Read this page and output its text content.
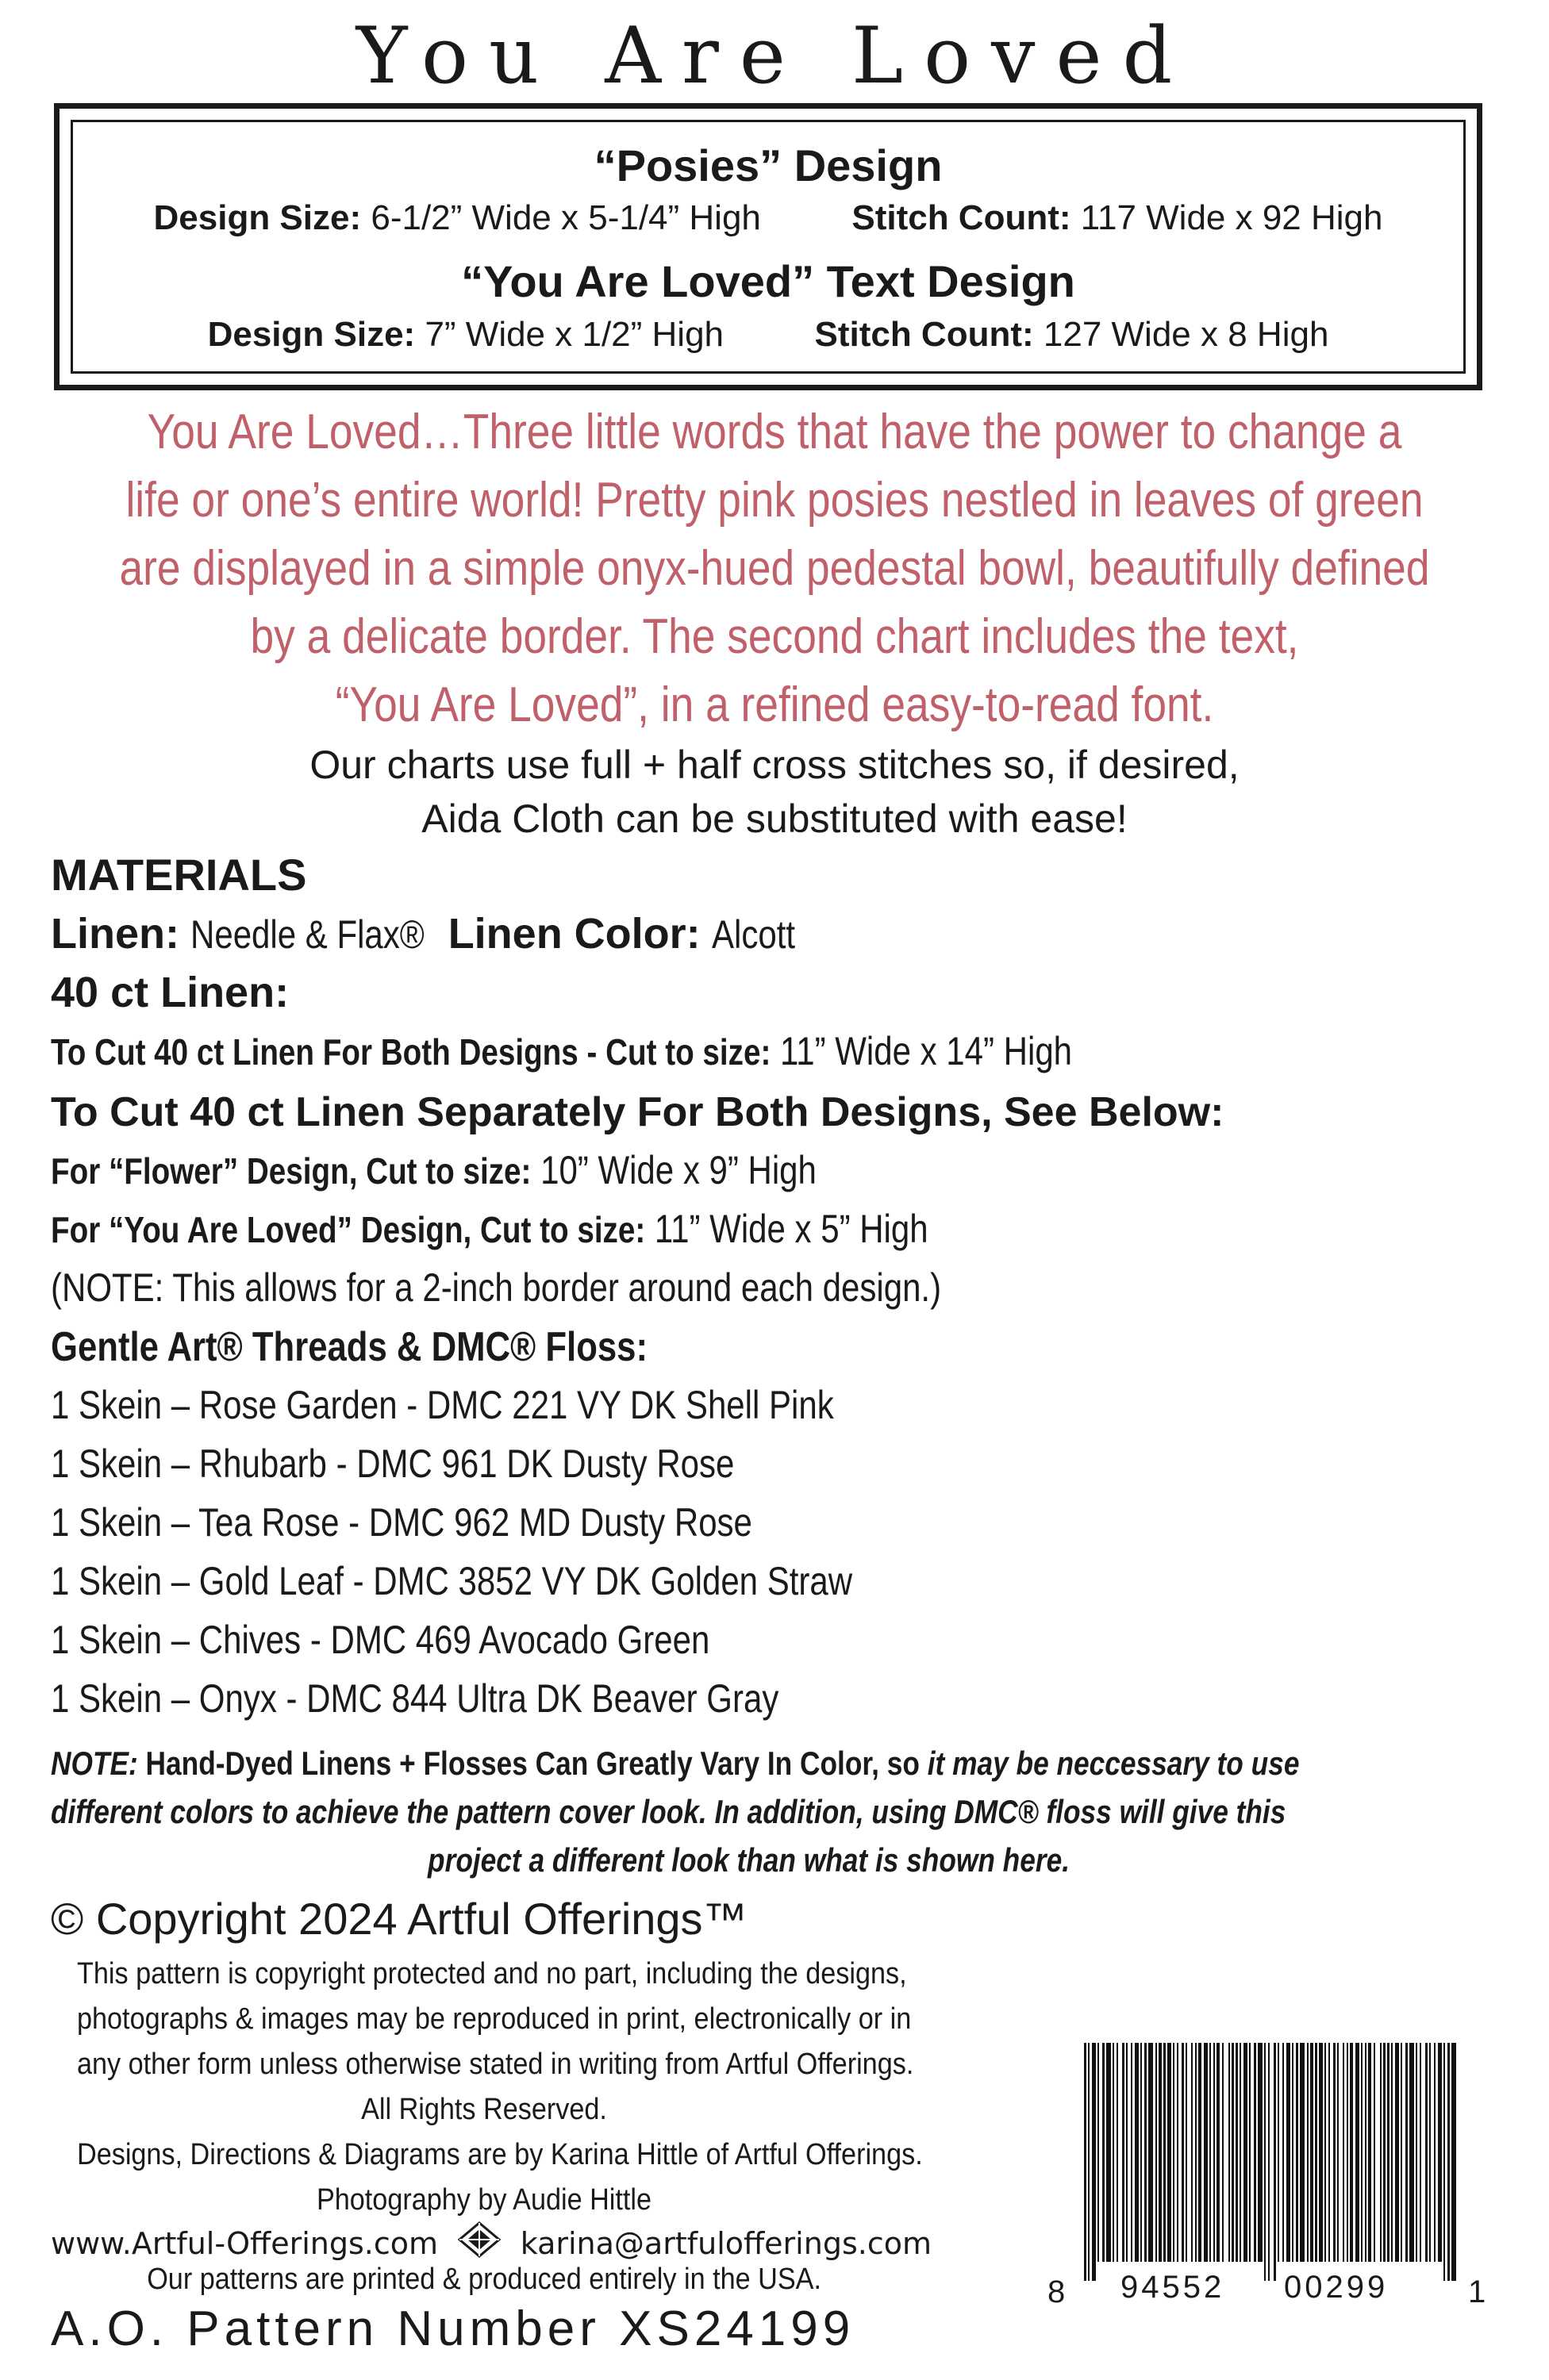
You Are Loved
“Posies” Design
Design Size: 6-1/2” Wide x 5-1/4” High	Stitch Count: 117 Wide x 92 High
“You Are Loved” Text Design
Design Size: 7” Wide x 1/2” High	Stitch Count: 127 Wide x 8 High
You Are Loved…Three little words that have the power to change a
life or one’s entire world! Pretty pink posies nestled in leaves of green
are displayed in a simple onyx-hued pedestal bowl, beautifully defined
by a delicate border. The second chart includes the text,
“You Are Loved”, in a refined easy-to-read font.
Our charts use full + half cross stitches so, if desired,
Aida Cloth can be substituted with ease!
MATERIALS
Linen: Needle & Flax® Linen Color: Alcott
40 ct Linen:
To Cut 40 ct Linen For Both Designs - Cut to size: 11” Wide x 14” High
To Cut 40 ct Linen Separately For Both Designs, See Below:
For “Flower” Design, Cut to size: 10” Wide x 9” High
For “You Are Loved” Design, Cut to size: 11” Wide x 5” High
(NOTE: This allows for a 2-inch border around each design.)
Gentle Art® Threads & DMC® Floss:
1 Skein – Rose Garden - DMC 221 VY DK Shell Pink
1 Skein – Rhubarb - DMC 961 DK Dusty Rose
1 Skein – Tea Rose - DMC 962 MD Dusty Rose
1 Skein – Gold Leaf - DMC 3852 VY DK Golden Straw
1 Skein – Chives - DMC 469 Avocado Green
1 Skein – Onyx - DMC 844 Ultra DK Beaver Gray
NOTE: Hand-Dyed Linens + Flosses Can Greatly Vary In Color, so it may be neccessary to use
different colors to achieve the pattern cover look. In addition, using DMC® floss will give this
project a different look than what is shown here.
© Copyright 2024 Artful Offerings™
This pattern is copyright protected and no part, including the designs,
photographs & images may be reproduced in print, electronically or in
any other form unless otherwise stated in writing from Artful Offerings.
All Rights Reserved.
Designs, Directions & Diagrams are by Karina Hittle of Artful Offerings.
Photography by Audie Hittle
www.Artful-Offerings.com	karina@artfulofferings.com
Our patterns are printed & produced entirely in the USA.
A.O. Pattern Number XS24199
8 94552 00299	1
